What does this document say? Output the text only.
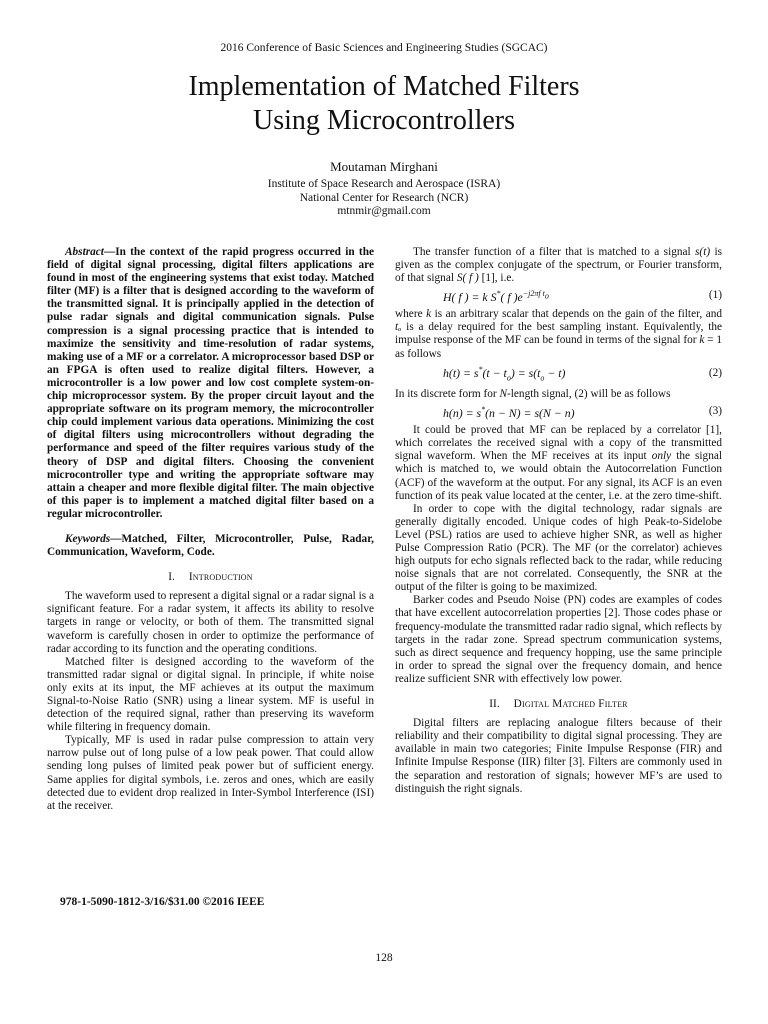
2016 Conference of Basic Sciences and Engineering Studies (SGCAC)
Implementation of Matched Filters
Using Microcontrollers
Moutaman Mirghani
Institute of Space Research and Aerospace (ISRA)
National Center for Research (NCR)
mtnmir@gmail.com

Abstract—In the context of the rapid progress occurred in the field of digital signal processing, digital filters applications are found in most of the engineering systems that exist today. Matched filter (MF) is a filter that is designed according to the waveform of the transmitted signal. It is principally applied in the detection of pulse radar signals and digital communication signals. Pulse compression is a signal processing practice that is intended to maximize the sensitivity and time-resolution of radar systems, making use of a MF or a correlator. A microprocessor based DSP or an FPGA is often used to realize digital filters. However, a microcontroller is a low power and low cost complete system-on-chip microprocessor system. By the proper circuit layout and the appropriate software on its program memory, the microcontroller chip could implement various data operations. Minimizing the cost of digital filters using microcontrollers without degrading the performance and speed of the filter requires various study of the theory of DSP and digital filters. Choosing the convenient microcontroller type and writing the appropriate software may attain a cheaper and more flexible digital filter. The main objective of this paper is to implement a matched digital filter based on a regular microcontroller.

Keywords—Matched, Filter, Microcontroller, Pulse, Radar, Communication, Waveform, Code.

I. Introduction

The waveform used to represent a digital signal or a radar signal is a significant feature. For a radar system, it affects its ability to resolve targets in range or velocity, or both of them. The transmitted signal waveform is carefully chosen in order to optimize the performance of radar according to its function and the operating conditions.

Matched filter is designed according to the waveform of the transmitted radar signal or digital signal. In principle, if white noise only exits at its input, the MF achieves at its output the maximum Signal-to-Noise Ratio (SNR) using a linear system. MF is useful in detection of the required signal, rather than preserving its waveform while filtering in frequency domain.

Typically, MF is used in radar pulse compression to attain very narrow pulse out of long pulse of a low peak power. That could allow sending long pulses of limited peak power but of sufficient energy. Same applies for digital symbols, i.e. zeros and ones, which are easily detected due to evident drop realized in Inter-Symbol Interference (ISI) at the receiver.

The transfer function of a filter that is matched to a signal s(t) is given as the complex conjugate of the spectrum, or Fourier transform, of that signal S( f ) [1], i.e.

H( f ) = k S*( f )$e^{-j2\pi f t_o}$	(1)

where k is an arbitrary scalar that depends on the gain of the filter, and tₒ is a delay required for the best sampling instant. Equivalently, the impulse response of the MF can be found in terms of the signal for k = 1 as follows

$h(t) = s^*(t - t_o) = s(t_o - t)$	(2)

In its discrete form for N-length signal, (2) will be as follows

h(n) = s*(n − N) = s(N − n)	(3)

It could be proved that MF can be replaced by a correlator [1], which correlates the received signal with a copy of the transmitted signal waveform. When the MF receives at its input only the signal which is matched to, we would obtain the Autocorrelation Function (ACF) of the waveform at the output. For any signal, its ACF is an even function of its peak value located at the center, i.e. at the zero time-shift.

In order to cope with the digital technology, radar signals are generally digitally encoded. Unique codes of high Peak-to-Sidelobe Level (PSL) ratios are used to achieve higher SNR, as well as higher Pulse Compression Ratio (PCR). The MF (or the correlator) achieves high outputs for echo signals reflected back to the radar, while reducing noise signals that are not correlated. Consequently, the SNR at the output of the filter is going to be maximized.

Barker codes and Pseudo Noise (PN) codes are examples of codes that have excellent autocorrelation properties [2]. Those codes phase or frequency-modulate the transmitted radar radio signal, which reflects by targets in the radar zone. Spread spectrum communication systems, such as direct sequence and frequency hopping, use the same principle in order to spread the signal over the frequency domain, and hence realize sufficient SNR with effectively low power.

II. Digital Matched Filter

Digital filters are replacing analogue filters because of their reliability and their compatibility to digital signal processing. They are available in main two categories; Finite Impulse Response (FIR) and Infinite Impulse Response (IIR) filter [3]. Filters are commonly used in the separation and restoration of signals; however MF’s are used to distinguish the right signals.

978-1-5090-1812-3/16/$31.00 ©2016 IEEE
128
